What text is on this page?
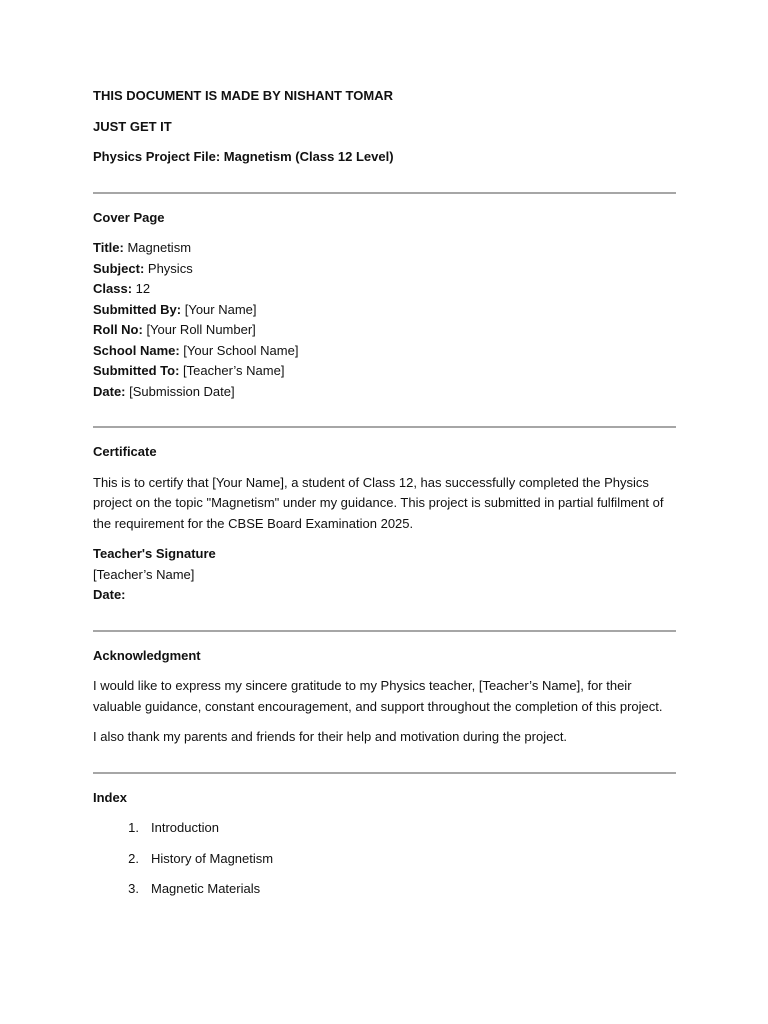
THIS DOCUMENT IS MADE BY NISHANT TOMAR

JUST GET IT

Physics Project File: Magnetism (Class 12 Level)

Cover Page

Title: Magnetism

Subject: Physics

Class: 12

Submitted By: [Your Name]

Roll No: [Your Roll Number]

School Name: [Your School Name]

Submitted To: [Teacher’s Name]

Date: [Submission Date]

Certificate

This is to certify that [Your Name], a student of Class 12, has successfully completed the Physics project on the topic "Magnetism" under my guidance. This project is submitted in partial fulfilment of the requirement for the CBSE Board Examination 2025.

Teacher's Signature

[Teacher’s Name]

Date:

Acknowledgment

I would like to express my sincere gratitude to my Physics teacher, [Teacher’s Name], for their valuable guidance, constant encouragement, and support throughout the completion of this project.

I also thank my parents and friends for their help and motivation during the project.

Index

1. Introduction
2. History of Magnetism
3. Magnetic Materials
